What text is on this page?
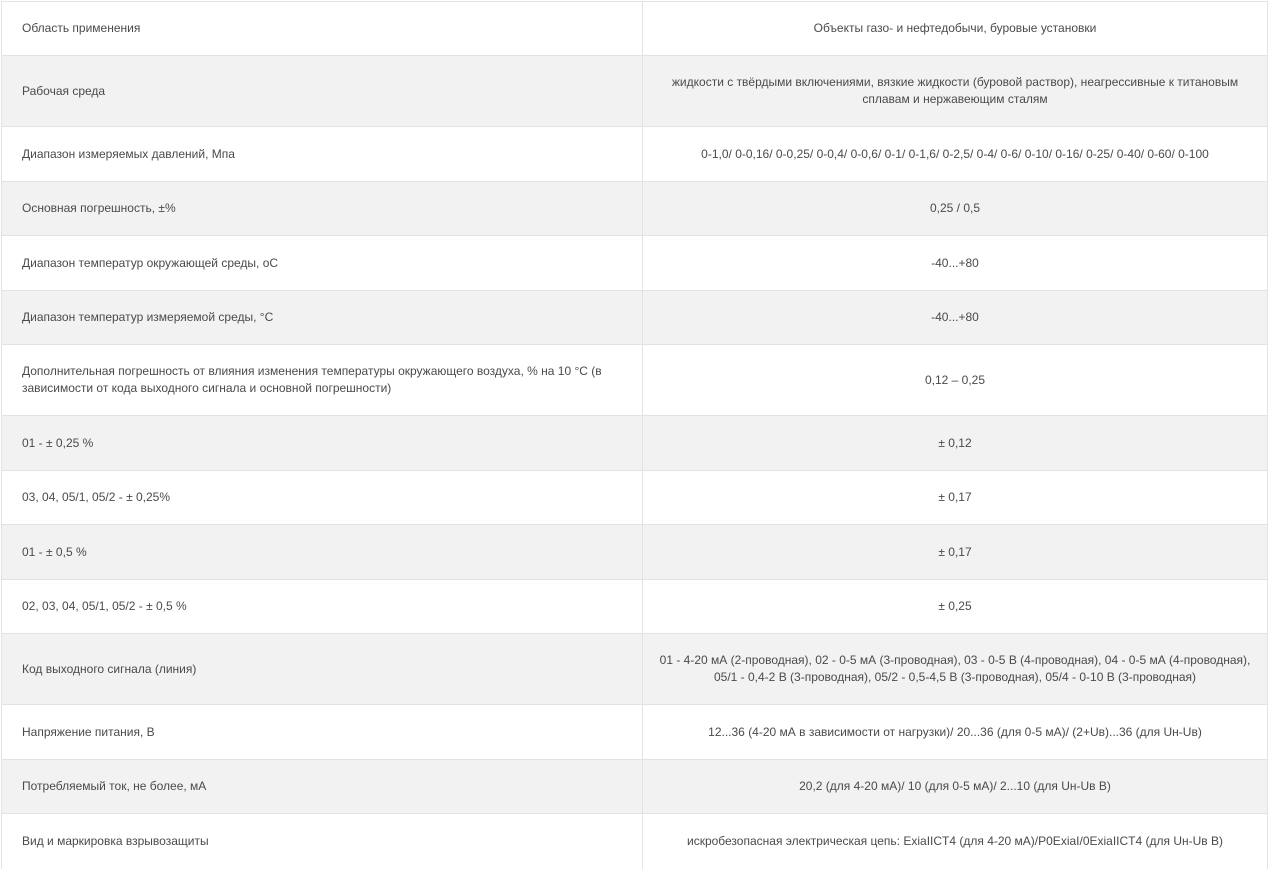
Область применения	Объекты газо- и нефтедобычи, буровые установки
Рабочая среда	жидкости с твёрдыми включениями, вязкие жидкости (буровой раствор), неагрессивные к титановым сплавам и нержавеющим сталям
Диапазон измеряемых давлений, Мпа	0-1,0/ 0-0,16/ 0-0,25/ 0-0,4/ 0-0,6/ 0-1/ 0-1,6/ 0-2,5/ 0-4/ 0-6/ 0-10/ 0-16/ 0-25/ 0-40/ 0-60/ 0-100
Основная погрешность, ±%	0,25 / 0,5
Диапазон температур окружающей среды, оС	-40...+80
Диапазон температур измеряемой среды, °С	-40...+80
Дополнительная погрешность от влияния изменения температуры окружающего воздуха, % на 10 °С (в зависимости от кода выходного сигнала и основной погрешности)	0,12 – 0,25
01 - ± 0,25 %	± 0,12
03, 04, 05/1, 05/2 - ± 0,25%	± 0,17
01 - ± 0,5 %	± 0,17
02, 03, 04, 05/1, 05/2 - ± 0,5 %	± 0,25
Код выходного сигнала (линия)	01 - 4-20 мА (2-проводная), 02 - 0-5 мА (3-проводная), 03 - 0-5 В (4-проводная), 04 - 0-5 мА (4-проводная), 05/1 - 0,4-2 В (3-проводная), 05/2 - 0,5-4,5 В (3-проводная), 05/4 - 0-10 В (3-проводная)
Напряжение питания, В	12...36 (4-20 мА в зависимости от нагрузки)/ 20...36 (для 0-5 мА)/ (2+Uв)...36 (для Uн-Uв)
Потребляемый ток, не более, мА	20,2 (для 4-20 мА)/ 10 (для 0-5 мА)/ 2...10 (для Uн-Uв В)
Вид и маркировка взрывозащиты	искробезопасная электрическая цепь: ExiaIICT4 (для 4-20 мА)/P0ExiaI/0ExiaIICT4 (для Uн-Uв В)
